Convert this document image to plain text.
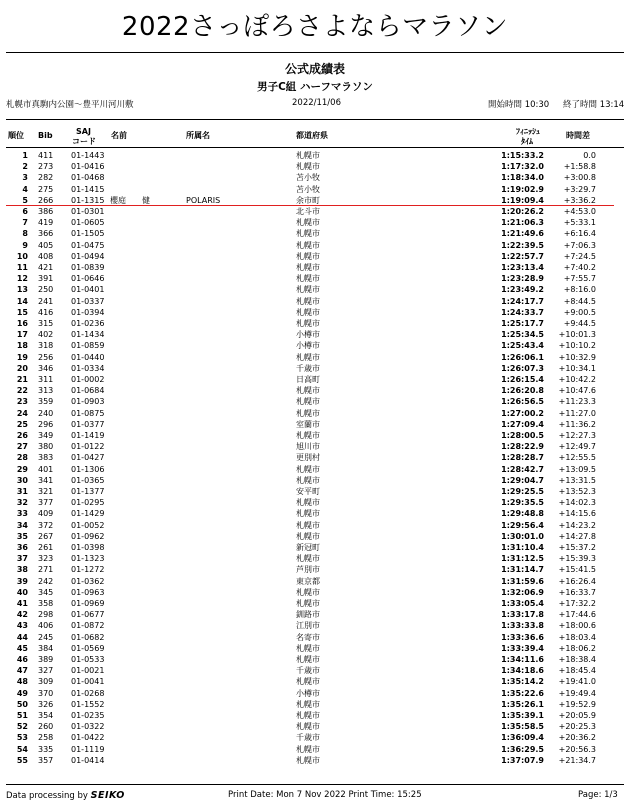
2022さっぽろさよならマラソン
公式成績表
男子C組 ハーフマラソン
札幌市真駒内公園～豊平川河川敷	2022/11/06	開始時間 10:30 終了時間 13:14
順位 Bib	SAJ
コード
名前	所属名	都道府県	ﾌｨﾆｯｼｭ
ﾀｲﾑ
時間差
1 411 01-1443	札幌市	1:15:33.2	0.0
2 273 01-0416	札幌市	1:17:32.0	+1:58.8
3 282 01-0468	苫小牧	1:18:34.0	+3:00.8
4 275 01-1415	苫小牧	1:19:02.9	+3:29.7
5 266 01-1315 櫻庭　　健	POLARIS	余市町	1:19:09.4	+3:36.2
6 386 01-0301	北斗市	1:20:26.2	+4:53.0
7 419 01-0605	札幌市	1:21:06.3	+5:33.1
8 366 01-1505	札幌市	1:21:49.6	+6:16.4
9 405 01-0475	札幌市	1:22:39.5	+7:06.3
10 408 01-0494	札幌市	1:22:57.7	+7:24.5
11 421 01-0839	札幌市	1:23:13.4	+7:40.2
12 391 01-0646	札幌市	1:23:28.9	+7:55.7
13 250 01-0401	札幌市	1:23:49.2	+8:16.0
14 241 01-0337	札幌市	1:24:17.7	+8:44.5
15 416 01-0394	札幌市	1:24:33.7	+9:00.5
16 315 01-0236	札幌市	1:25:17.7	+9:44.5
17 402 01-1434	小樽市	1:25:34.5	+10:01.3
18 318 01-0859	小樽市	1:25:43.4	+10:10.2
19 256 01-0440	札幌市	1:26:06.1	+10:32.9
20 346 01-0334	千歳市	1:26:07.3	+10:34.1
21 311 01-0002	日高町	1:26:15.4	+10:42.2
22 313 01-0684	札幌市	1:26:20.8	+10:47.6
23 359 01-0903	札幌市	1:26:56.5	+11:23.3
24 240 01-0875	札幌市	1:27:00.2	+11:27.0
25 296 01-0377	室蘭市	1:27:09.4	+11:36.2
26 349 01-1419	札幌市	1:28:00.5	+12:27.3
27 380 01-0122	旭川市	1:28:22.9	+12:49.7
28 383 01-0427	更別村	1:28:28.7	+12:55.5
29 401 01-1306	札幌市	1:28:42.7	+13:09.5
30 341 01-0365	札幌市	1:29:04.7	+13:31.5
31 321 01-1377	安平町	1:29:25.5	+13:52.3
32 377 01-0295	札幌市	1:29:35.5	+14:02.3
33 409 01-1429	札幌市	1:29:48.8	+14:15.6
34 372 01-0052	札幌市	1:29:56.4	+14:23.2
35 267 01-0962	札幌市	1:30:01.0	+14:27.8
36 261 01-0398	新冠町	1:31:10.4	+15:37.2
37 323 01-1323	札幌市	1:31:12.5	+15:39.3
38 271 01-1272	芦別市	1:31:14.7	+15:41.5
39 242 01-0362	東京都	1:31:59.6	+16:26.4
40 345 01-0963	札幌市	1:32:06.9	+16:33.7
41 358 01-0969	札幌市	1:33:05.4	+17:32.2
42 298 01-0677	釧路市	1:33:17.8	+17:44.6
43 406 01-0872	江別市	1:33:33.8	+18:00.6
44 245 01-0682	名寄市	1:33:36.6	+18:03.4
45 384 01-0569	札幌市	1:33:39.4	+18:06.2
46 389 01-0533	札幌市	1:34:11.6	+18:38.4
47 327 01-0021	千歳市	1:34:18.6	+18:45.4
48 309 01-0041	札幌市	1:35:14.2	+19:41.0
49 370 01-0268	小樽市	1:35:22.6	+19:49.4
50 326 01-1552	札幌市	1:35:26.1	+19:52.9
51 354 01-0235	札幌市	1:35:39.1	+20:05.9
52 260 01-0322	札幌市	1:35:58.5	+20:25.3
53 258 01-0422	千歳市	1:36:09.4	+20:36.2
54 335 01-1119	札幌市	1:36:29.5	+20:56.3
55 357 01-0414	札幌市	1:37:07.9	+21:34.7
Data processing by SEIKO	Print Date: Mon 7 Nov 2022 Print Time: 15:25	Page: 1/3
